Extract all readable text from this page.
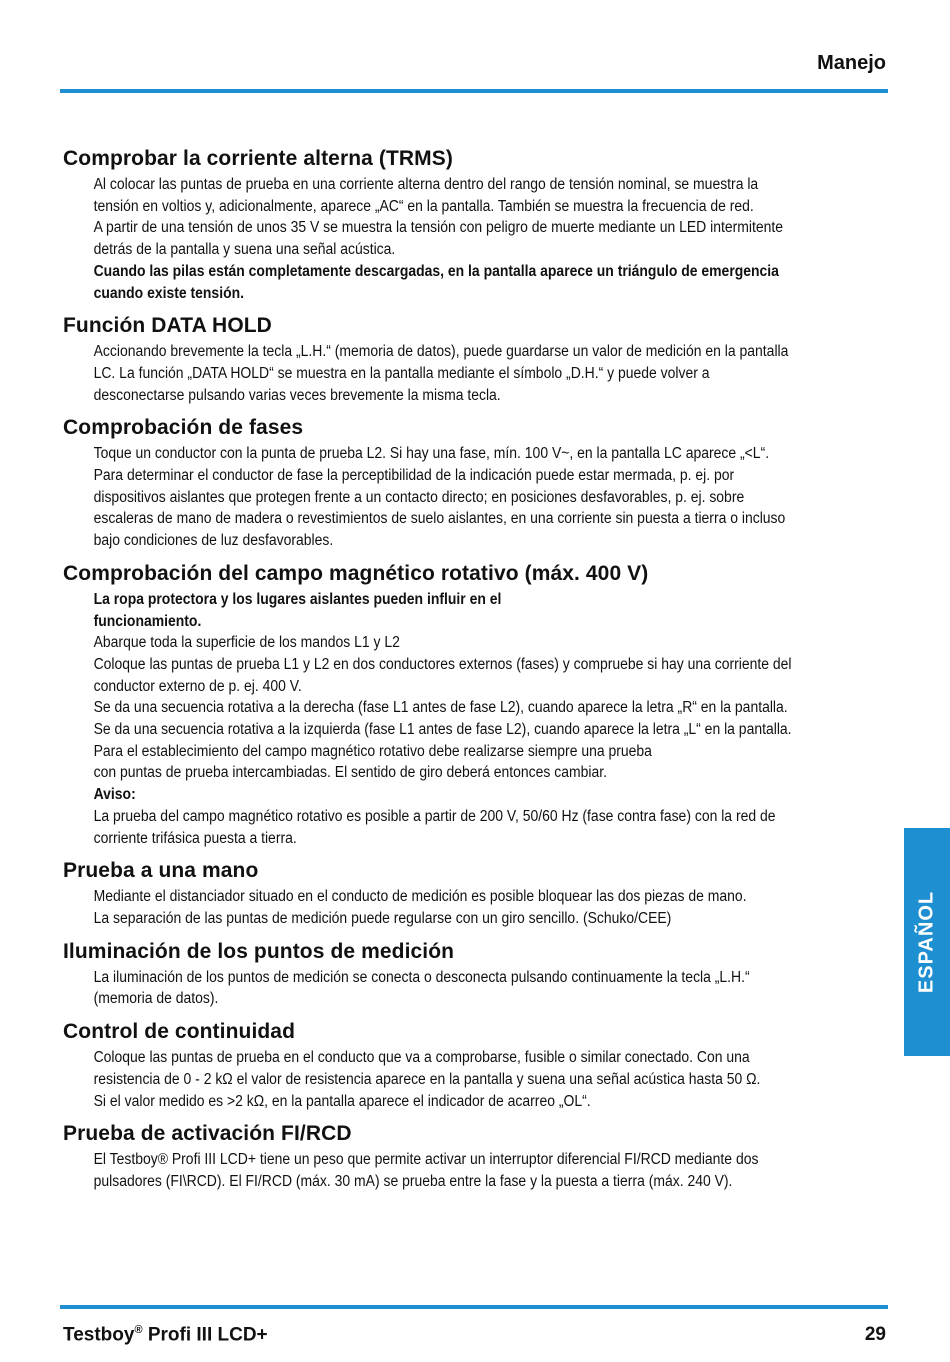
Manejo
Comprobar la corriente alterna (TRMS)

Al colocar las puntas de prueba en una corriente alterna dentro del rango de tensión nominal, se muestra la

tensión en voltios y, adicionalmente, aparece „AC“ en la pantalla. También se muestra la frecuencia de red.

A partir de una tensión de unos 35 V se muestra la tensión con peligro de muerte mediante un LED intermitente

detrás de la pantalla y suena una señal acústica.

Cuando las pilas están completamente descargadas, en la pantalla aparece un triángulo de emergencia

cuando existe tensión.

Función DATA HOLD

Accionando brevemente la tecla „L.H.“ (memoria de datos), puede guardarse un valor de medición en la pantalla

LC. La función „DATA HOLD“ se muestra en la pantalla mediante el símbolo „D.H.“ y puede volver a

desconectarse pulsando varias veces brevemente la misma tecla.

Comprobación de fases

Toque un conductor con la punta de prueba L2. Si hay una fase, mín. 100 V~, en la pantalla LC aparece „<L“.

Para determinar el conductor de fase la perceptibilidad de la indicación puede estar mermada, p. ej. por

dispositivos aislantes que protegen frente a un contacto directo; en posiciones desfavorables, p. ej. sobre

escaleras de mano de madera o revestimientos de suelo aislantes, en una corriente sin puesta a tierra o incluso

bajo condiciones de luz desfavorables.

Comprobación del campo magnético rotativo (máx. 400 V)

La ropa protectora y los lugares aislantes pueden influir en el

funcionamiento.

Abarque toda la superficie de los mandos L1 y L2

Coloque las puntas de prueba L1 y L2 en dos conductores externos (fases) y compruebe si hay una corriente del

conductor externo de p. ej. 400 V.

Se da una secuencia rotativa a la derecha (fase L1 antes de fase L2), cuando aparece la letra „R“ en la pantalla.

Se da una secuencia rotativa a la izquierda (fase L1 antes de fase L2), cuando aparece la letra „L“ en la pantalla.

Para el establecimiento del campo magnético rotativo debe realizarse siempre una prueba

con puntas de prueba intercambiadas. El sentido de giro deberá entonces cambiar.

Aviso:

La prueba del campo magnético rotativo es posible a partir de 200 V, 50/60 Hz (fase contra fase) con la red de

corriente trifásica puesta a tierra.

Prueba a una mano

Mediante el distanciador situado en el conducto de medición es posible bloquear las dos piezas de mano.

La separación de las puntas de medición puede regularse con un giro sencillo. (Schuko/CEE)

Iluminación de los puntos de medición

La iluminación de los puntos de medición se conecta o desconecta pulsando continuamente la tecla „L.H.“

(memoria de datos).

Control de continuidad

Coloque las puntas de prueba en el conducto que va a comprobarse, fusible o similar conectado. Con una

resistencia de 0 - 2 kΩ el valor de resistencia aparece en la pantalla y suena una señal acústica hasta 50 Ω.

Si el valor medido es >2 kΩ, en la pantalla aparece el indicador de acarreo „OL“.

Prueba de activación FI/RCD

El Testboy® Profi III LCD+ tiene un peso que permite activar un interruptor diferencial FI/RCD mediante dos

pulsadores (FI\RCD). El FI/RCD (máx. 30 mA) se prueba entre la fase y la puesta a tierra (máx. 240 V).

ESPAÑOL
Testboy® Profi III LCD+	29
